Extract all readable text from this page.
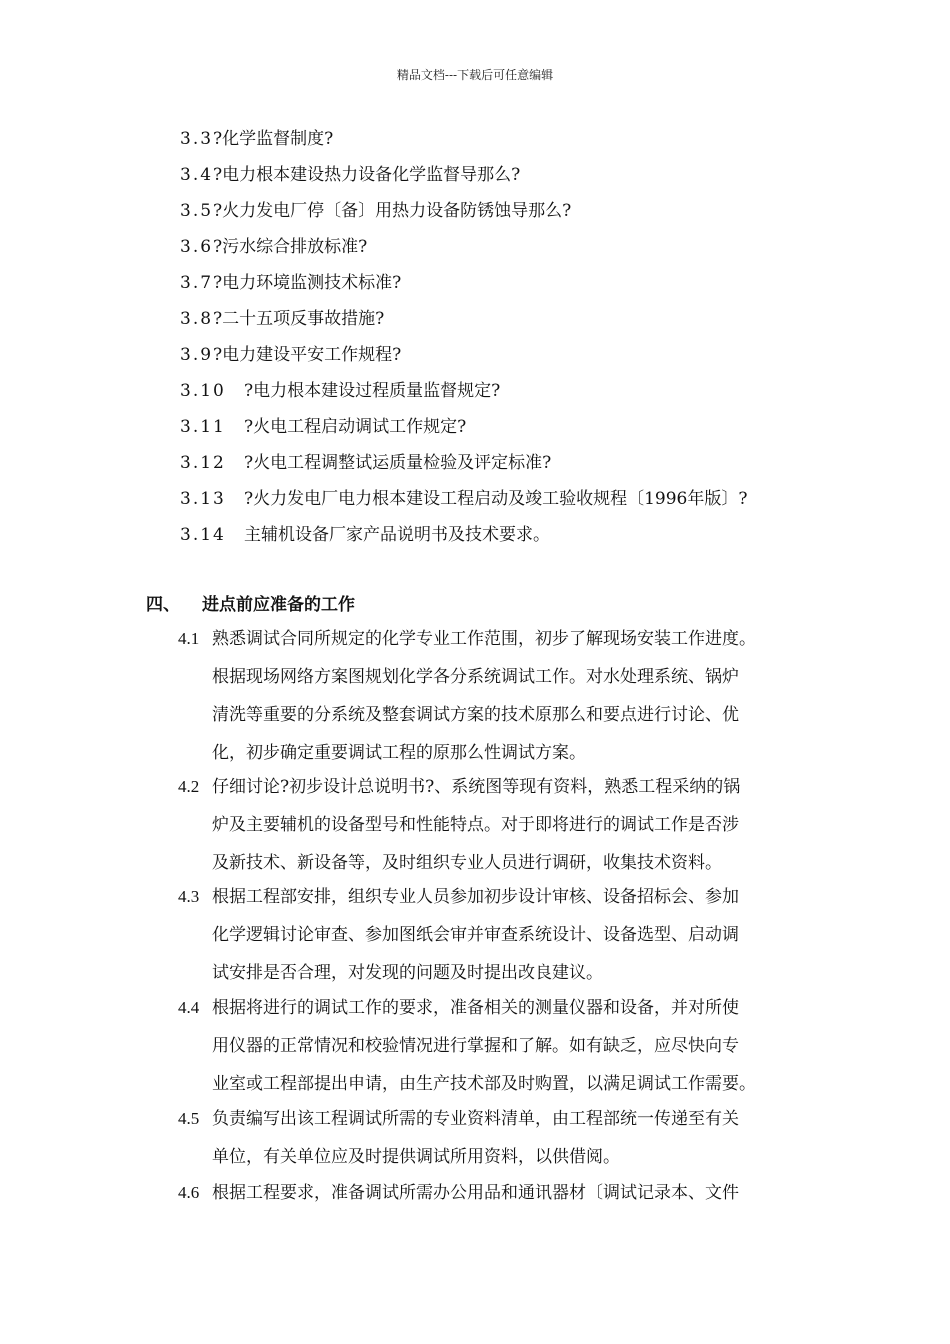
精品文档---下载后可任意编辑
3.3?化学监督制度?
3.4?电力根本建设热力设备化学监督导那么?
3.5?火力发电厂停〔备〕用热力设备防锈蚀导那么?
3.6?污水综合排放标准?
3.7?电力环境监测技术标准?
3.8?二十五项反事故措施?
3.9?电力建设平安工作规程?
3.10 ?电力根本建设过程质量监督规定?
3.11 ?火电工程启动调试工作规定?
3.12 ?火电工程调整试运质量检验及评定标准?
3.13 ?火力发电厂电力根本建设工程启动及竣工验收规程〔1996年版〕?
3.14 主辅机设备厂家产品说明书及技术要求。
四、 进点前应准备的工作
4.1 熟悉调试合同所规定的化学专业工作范围，初步了解现场安装工作进度。
根据现场网络方案图规划化学各分系统调试工作。对水处理系统、锅炉
清洗等重要的分系统及整套调试方案的技术原那么和要点进行讨论、优
化，初步确定重要调试工程的原那么性调试方案。
4.2 仔细讨论?初步设计总说明书?、系统图等现有资料，熟悉工程采纳的锅
炉及主要辅机的设备型号和性能特点。对于即将进行的调试工作是否涉
及新技术、新设备等，及时组织专业人员进行调研，收集技术资料。
4.3 根据工程部安排，组织专业人员参加初步设计审核、设备招标会、参加
化学逻辑讨论审查、参加图纸会审并审查系统设计、设备选型、启动调
试安排是否合理，对发现的问题及时提出改良建议。
4.4 根据将进行的调试工作的要求，准备相关的测量仪器和设备，并对所使
用仪器的正常情况和校验情况进行掌握和了解。如有缺乏，应尽快向专
业室或工程部提出申请，由生产技术部及时购置，以满足调试工作需要。
4.5 负责编写出该工程调试所需的专业资料清单，由工程部统一传递至有关
单位，有关单位应及时提供调试所用资料，以供借阅。
4.6 根据工程要求，准备调试所需办公用品和通讯器材〔调试记录本、文件
